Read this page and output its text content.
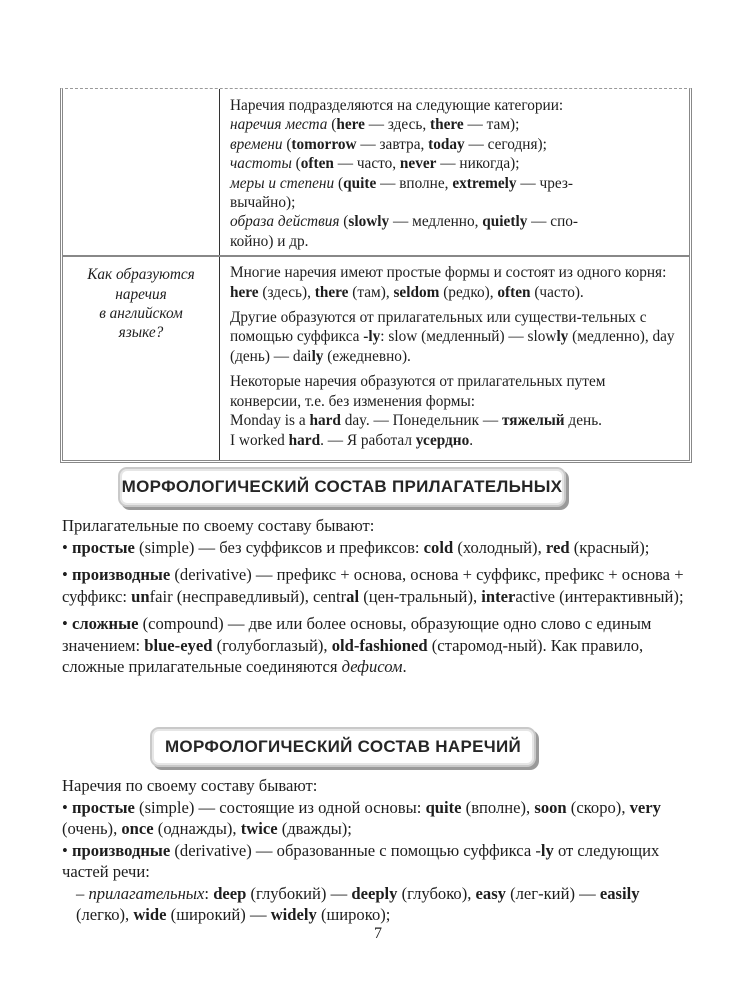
Наречия подразделяются на следующие категории:
наречия места (here — здесь, there — там);
времени (tomorrow — завтра, today — сегодня);
частоты (often — часто, never — никогда);
меры и степени (quite — вполне, extremely — чрез-
вычайно);
образа действия (slowly — медленно, quietly — спо-
койно) и др.
Как образуются
наречия
в английском
языке?

Многие наречия имеют простые формы и состоят из одного корня: here (здесь), there (там), seldom (редко), often (часто).

Другие образуются от прилагательных или существи-тельных с помощью суффикса -ly: slow (медленный) — slowly (медленно), day (день) — daily (ежедневно).

Некоторые наречия образуются от прилагательных путем конверсии, т.е. без изменения формы:
Monday is a hard day. — Понедельник — тяжелый день.
I worked hard. — Я работал усердно.

МОРФОЛОГИЧЕСКИЙ СОСТАВ ПРИЛАГАТЕЛЬНЫХ

Прилагательные по своему составу бывают:

• простые (simple) — без суффиксов и префиксов: cold (холодный), red (красный);

• производные (derivative) — префикс + основа, основа + суффикс, префикс + основа + суффикс: unfair (несправедливый), central (цен-тральный), interactive (интерактивный);

• сложные (compound) — две или более основы, образующие одно слово с единым значением: blue-eyed (голубоглазый), old-fashioned (старомод-ный). Как правило, сложные прилагательные соединяются дефисом.

МОРФОЛОГИЧЕСКИЙ СОСТАВ НАРЕЧИЙ

Наречия по своему составу бывают:

• простые (simple) — состоящие из одной основы: quite (вполне), soon (скоро), very (очень), once (однажды), twice (дважды);

• производные (derivative) — образованные с помощью суффикса -ly от следующих частей речи:

– прилагательных: deep (глубокий) — deeply (глубоко), easy (лег-кий) — easily (легко), wide (широкий) — widely (широко);

7
